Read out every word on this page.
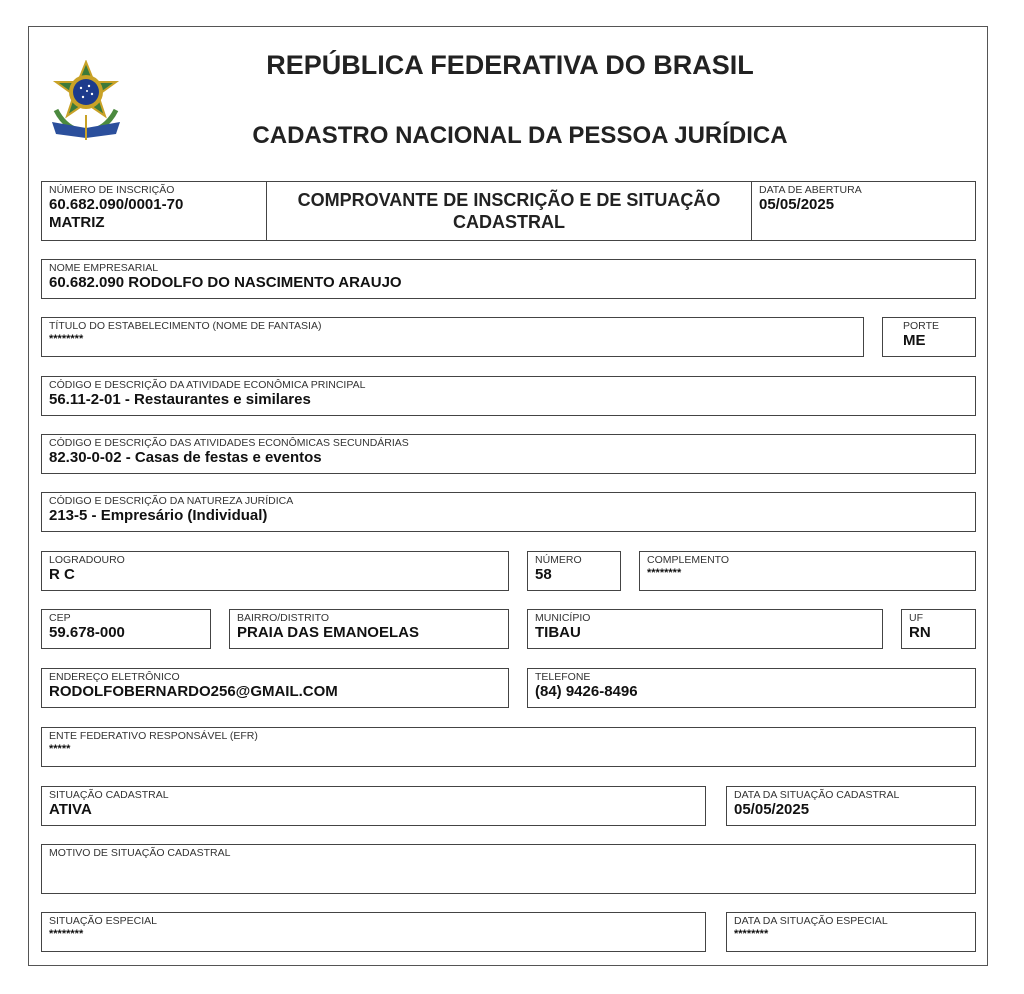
REPÚBLICA FEDERATIVA DO BRASIL
CADASTRO NACIONAL DA PESSOA JURÍDICA
NÚMERO DE INSCRIÇÃO
60.682.090/0001-70
MATRIZ
COMPROVANTE DE INSCRIÇÃO E DE SITUAÇÃO
CADASTRAL
DATA DE ABERTURA
05/05/2025
NOME EMPRESARIAL
60.682.090 RODOLFO DO NASCIMENTO ARAUJO
TÍTULO DO ESTABELECIMENTO (NOME DE FANTASIA)
********
PORTE
ME
CÓDIGO E DESCRIÇÃO DA ATIVIDADE ECONÔMICA PRINCIPAL
56.11-2-01 - Restaurantes e similares
CÓDIGO E DESCRIÇÃO DAS ATIVIDADES ECONÔMICAS SECUNDÁRIAS
82.30-0-02 - Casas de festas e eventos
CÓDIGO E DESCRIÇÃO DA NATUREZA JURÍDICA
213-5 - Empresário (Individual)
LOGRADOURO
R C
NÚMERO
58
COMPLEMENTO
********
CEP
59.678-000
BAIRRO/DISTRITO
PRAIA DAS EMANOELAS
MUNICÍPIO
TIBAU
UF
RN
ENDEREÇO ELETRÔNICO
RODOLFOBERNARDO256@GMAIL.COM
TELEFONE
(84) 9426-8496
ENTE FEDERATIVO RESPONSÁVEL (EFR)
*****
SITUAÇÃO CADASTRAL
ATIVA
DATA DA SITUAÇÃO CADASTRAL
05/05/2025
MOTIVO DE SITUAÇÃO CADASTRAL
SITUAÇÃO ESPECIAL
********
DATA DA SITUAÇÃO ESPECIAL
********
